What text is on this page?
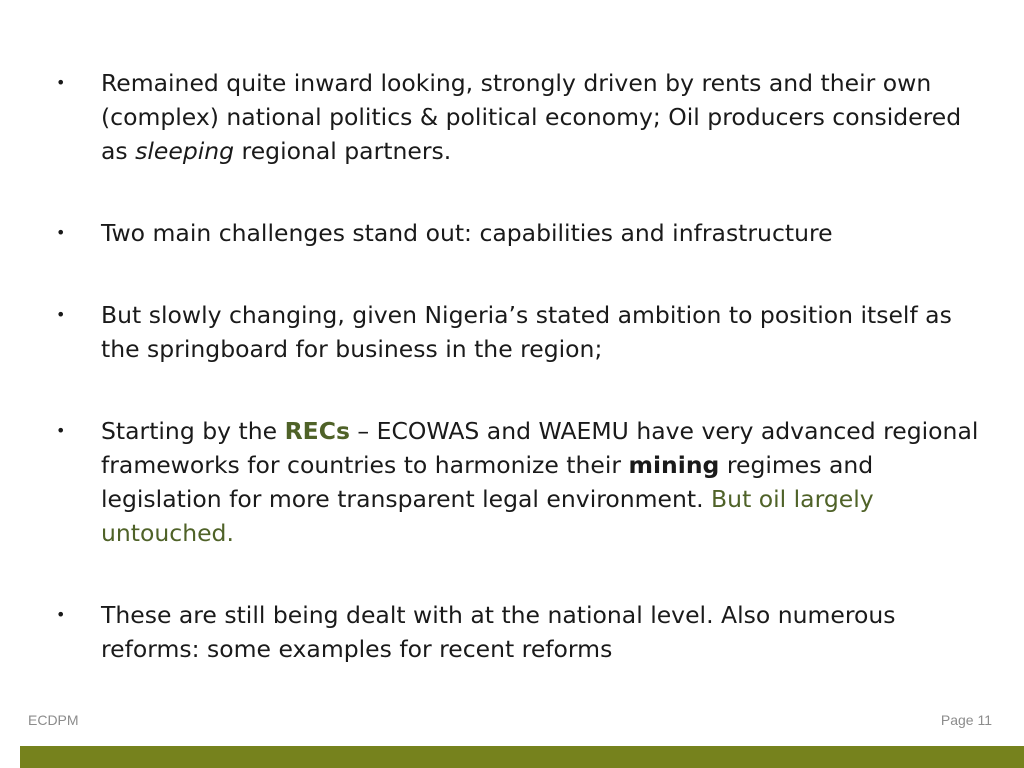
• Remained quite inward looking, strongly driven by rents and their own (complex) national politics & political economy; Oil producers considered as sleeping regional partners.
• Two main challenges stand out: capabilities and infrastructure
• But slowly changing, given Nigeria’s stated ambition to position itself as the springboard for business in the region;
• Starting by the RECs – ECOWAS and WAEMU have very advanced regional frameworks for countries to harmonize their mining regimes and legislation for more transparent legal environment. But oil largely untouched.
• These are still being dealt with at the national level. Also numerous reforms: some examples for recent reforms
ECDPM	Page 11
